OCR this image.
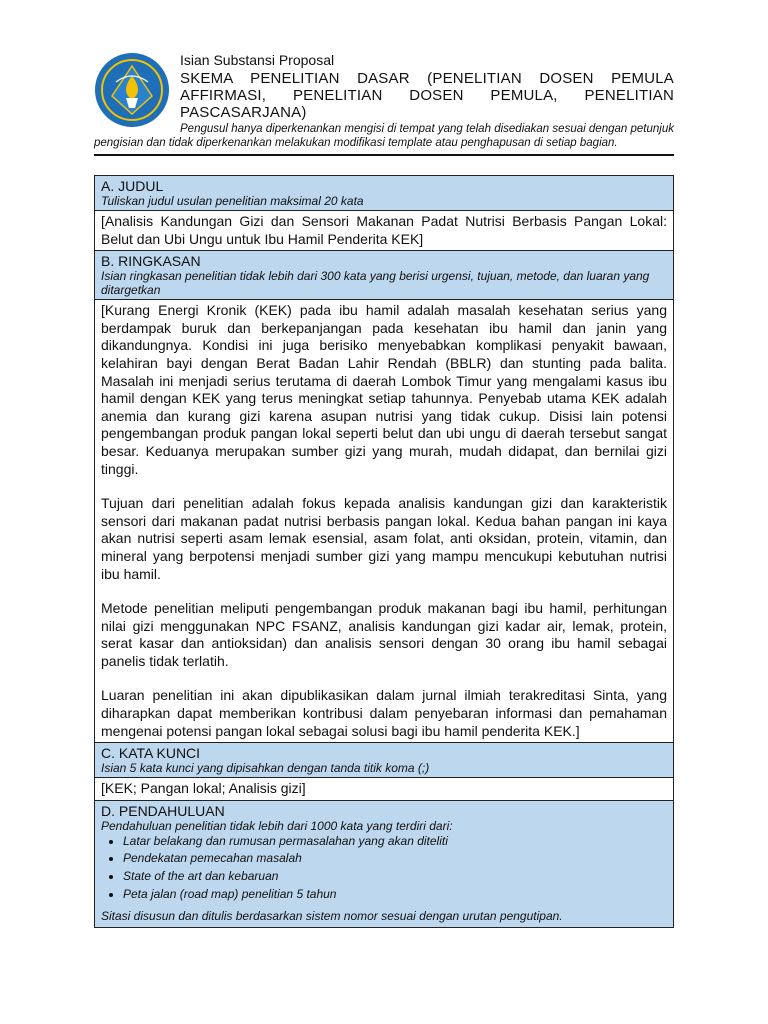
Isian Substansi Proposal

SKEMA PENELITIAN DASAR (PENELITIAN DOSEN PEMULA AFFIRMASI, PENELITIAN DOSEN PEMULA, PENELITIAN PASCASARJANA)

Pengusul hanya diperkenankan mengisi di tempat yang telah disediakan sesuai dengan petunjuk pengisian dan tidak diperkenankan melakukan modifikasi template atau penghapusan di setiap bagian.

A. JUDUL

Tuliskan judul usulan penelitian maksimal 20 kata

[Analisis Kandungan Gizi dan Sensori Makanan Padat Nutrisi Berbasis Pangan Lokal: Belut dan Ubi Ungu untuk Ibu Hamil Penderita KEK]

B. RINGKASAN

Isian ringkasan penelitian tidak lebih dari 300 kata yang berisi urgensi, tujuan, metode, dan luaran yang ditargetkan

[Kurang Energi Kronik (KEK) pada ibu hamil adalah masalah kesehatan serius yang berdampak buruk dan berkepanjangan pada kesehatan ibu hamil dan janin yang dikandungnya. Kondisi ini juga berisiko menyebabkan komplikasi penyakit bawaan, kelahiran bayi dengan Berat Badan Lahir Rendah (BBLR) dan stunting pada balita. Masalah ini menjadi serius terutama di daerah Lombok Timur yang mengalami kasus ibu hamil dengan KEK yang terus meningkat setiap tahunnya. Penyebab utama KEK adalah anemia dan kurang gizi karena asupan nutrisi yang tidak cukup. Disisi lain potensi pengembangan produk pangan lokal seperti belut dan ubi ungu di daerah tersebut sangat besar. Keduanya merupakan sumber gizi yang murah, mudah didapat, dan bernilai gizi tinggi.

Tujuan dari penelitian adalah fokus kepada analisis kandungan gizi dan karakteristik sensori dari makanan padat nutrisi berbasis pangan lokal. Kedua bahan pangan ini kaya akan nutrisi seperti asam lemak esensial, asam folat, anti oksidan, protein, vitamin, dan mineral yang berpotensi menjadi sumber gizi yang mampu mencukupi kebutuhan nutrisi ibu hamil.

Metode penelitian meliputi pengembangan produk makanan bagi ibu hamil, perhitungan nilai gizi menggunakan NPC FSANZ, analisis kandungan gizi kadar air, lemak, protein, serat kasar dan antioksidan) dan analisis sensori dengan 30 orang ibu hamil sebagai panelis tidak terlatih.

Luaran penelitian ini akan dipublikasikan dalam jurnal ilmiah terakreditasi Sinta, yang diharapkan dapat memberikan kontribusi dalam penyebaran informasi dan pemahaman mengenai potensi pangan lokal sebagai solusi bagi ibu hamil penderita KEK.]

C. KATA KUNCI

Isian 5 kata kunci yang dipisahkan dengan tanda titik koma (;)

[KEK; Pangan lokal; Analisis gizi]

D. PENDAHULUAN

Pendahuluan penelitian tidak lebih dari 1000 kata yang terdiri dari:

• Latar belakang dan rumusan permasalahan yang akan diteliti
• Pendekatan pemecahan masalah
• State of the art dan kebaruan
• Peta jalan (road map) penelitian 5 tahun

Sitasi disusun dan ditulis berdasarkan sistem nomor sesuai dengan urutan pengutipan.
